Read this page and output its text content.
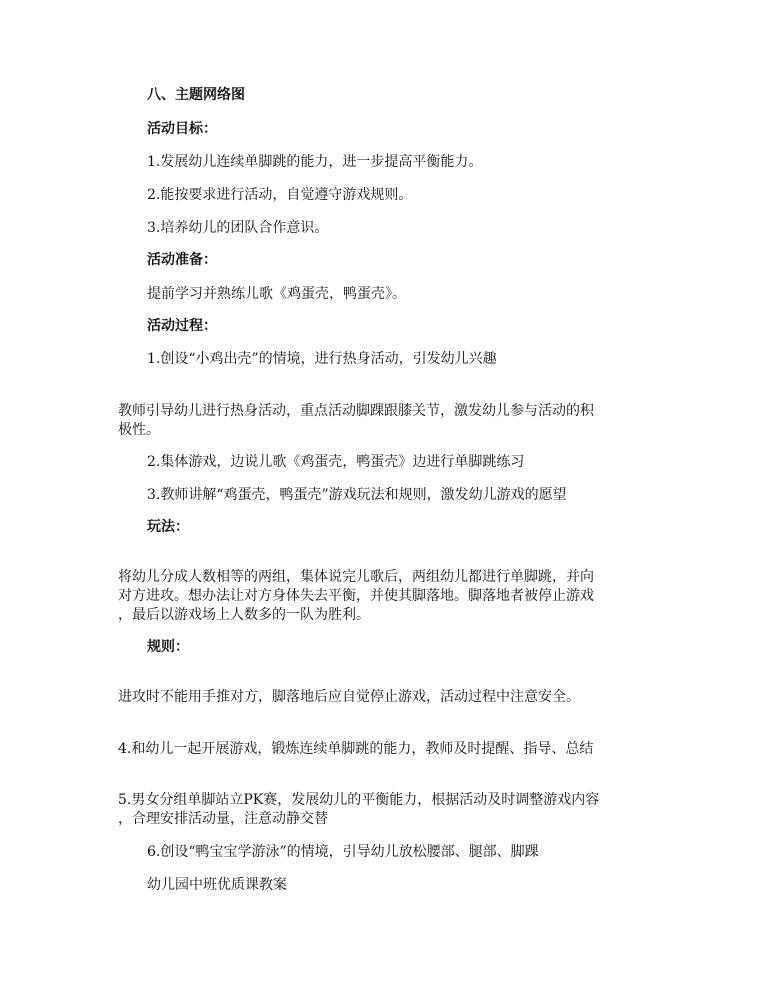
八、主题网络图
活动目标：
1.发展幼儿连续单脚跳的能力，进一步提高平衡能力。
2.能按要求进行活动，自觉遵守游戏规则。
3.培养幼儿的团队合作意识。
活动准备：
提前学习并熟练儿歌《鸡蛋壳，鸭蛋壳》。
活动过程：
1.创设“小鸡出壳”的情境，进行热身活动，引发幼儿兴趣
教师引导幼儿进行热身活动，重点活动脚踝跟膝关节，激发幼儿参与活动的积
极性。
2.集体游戏，边说儿歌《鸡蛋壳，鸭蛋壳》边进行单脚跳练习
3.教师讲解“鸡蛋壳，鸭蛋壳”游戏玩法和规则，激发幼儿游戏的愿望
玩法：
将幼儿分成人数相等的两组，集体说完儿歌后，两组幼儿都进行单脚跳，并向
对方进攻。想办法让对方身体失去平衡，并使其脚落地。脚落地者被停止游戏
，最后以游戏场上人数多的一队为胜利。
规则：
进攻时不能用手推对方，脚落地后应自觉停止游戏，活动过程中注意安全。
4.和幼儿一起开展游戏，锻炼连续单脚跳的能力，教师及时提醒、指导、总结
5.男女分组单脚站立PK赛，发展幼儿的平衡能力，根据活动及时调整游戏内容
，合理安排活动量，注意动静交替
6.创设“鸭宝宝学游泳”的情境，引导幼儿放松腰部、腿部、脚踝
幼儿园中班优质课教案
